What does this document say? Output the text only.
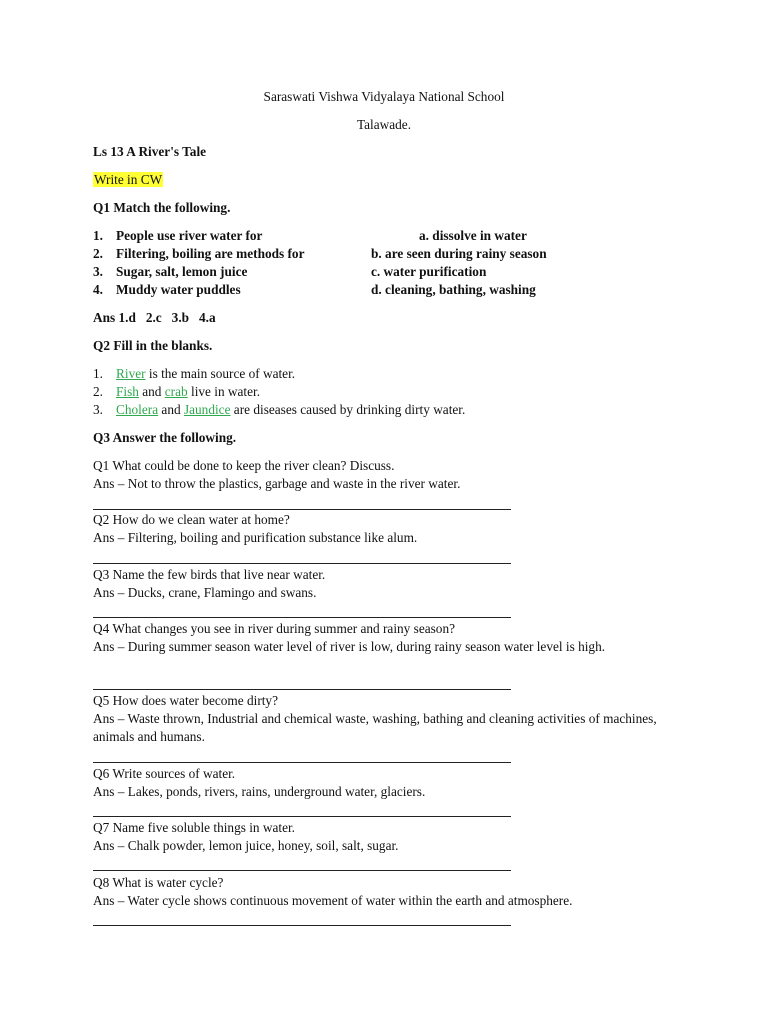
Saraswati Vishwa Vidyalaya National School
Talawade.
Ls 13 A River's Tale
Write in CW
Q1 Match the following.
1. People use river water for	a. dissolve in water
2. Filtering, boiling are methods for	b. are seen during rainy season
3. Sugar, salt, lemon juice	c. water purification
4. Muddy water puddles	d. cleaning, bathing, washing
Ans 1.d   2.c   3.b   4.a
Q2 Fill in the blanks.
1. River is the main source of water.
2. Fish and crab live in water.
3. Cholera and Jaundice are diseases caused by drinking dirty water.
Q3 Answer the following.
Q1 What could be done to keep the river clean? Discuss.
Ans – Not to throw the plastics, garbage and waste in the river water.
Q2 How do we clean water at home?
Ans – Filtering, boiling and purification substance like alum.
Q3 Name the few birds that live near water.
Ans – Ducks, crane, Flamingo and swans.
Q4 What changes you see in river during summer and rainy season?
Ans – During summer season water level of river is low, during rainy season water level is high.
Q5 How does water become dirty?
Ans – Waste thrown, Industrial and chemical waste, washing, bathing and cleaning activities of machines, animals and humans.
Q6 Write sources of water.
Ans – Lakes, ponds, rivers, rains, underground water, glaciers.
Q7 Name five soluble things in water.
Ans – Chalk powder, lemon juice, honey, soil, salt, sugar.
Q8 What is water cycle?
Ans – Water cycle shows continuous movement of water within the earth and atmosphere.
